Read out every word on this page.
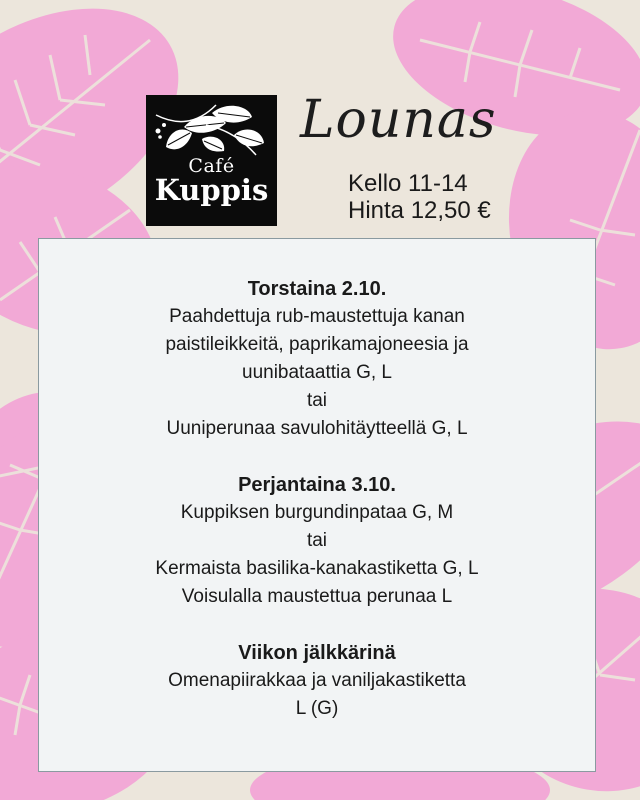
Café
Kuppis
Lounas
Kello 11-14
Hinta 12,50 €
Torstaina 2.10.
Paahdettuja rub-maustettuja kanan
paistileikkeitä, paprikamajoneesia ja
uunibataattia G, L
tai
Uuniperunaa savulohitäytteellä G, L
Perjantaina 3.10.
Kuppiksen burgundinpataa G, M
tai
Kermaista basilika-kanakastiketta G, L
Voisulalla maustettua perunaa L
Viikon jälkkärinä
Omenapiirakkaa ja vaniljakastiketta
L (G)
